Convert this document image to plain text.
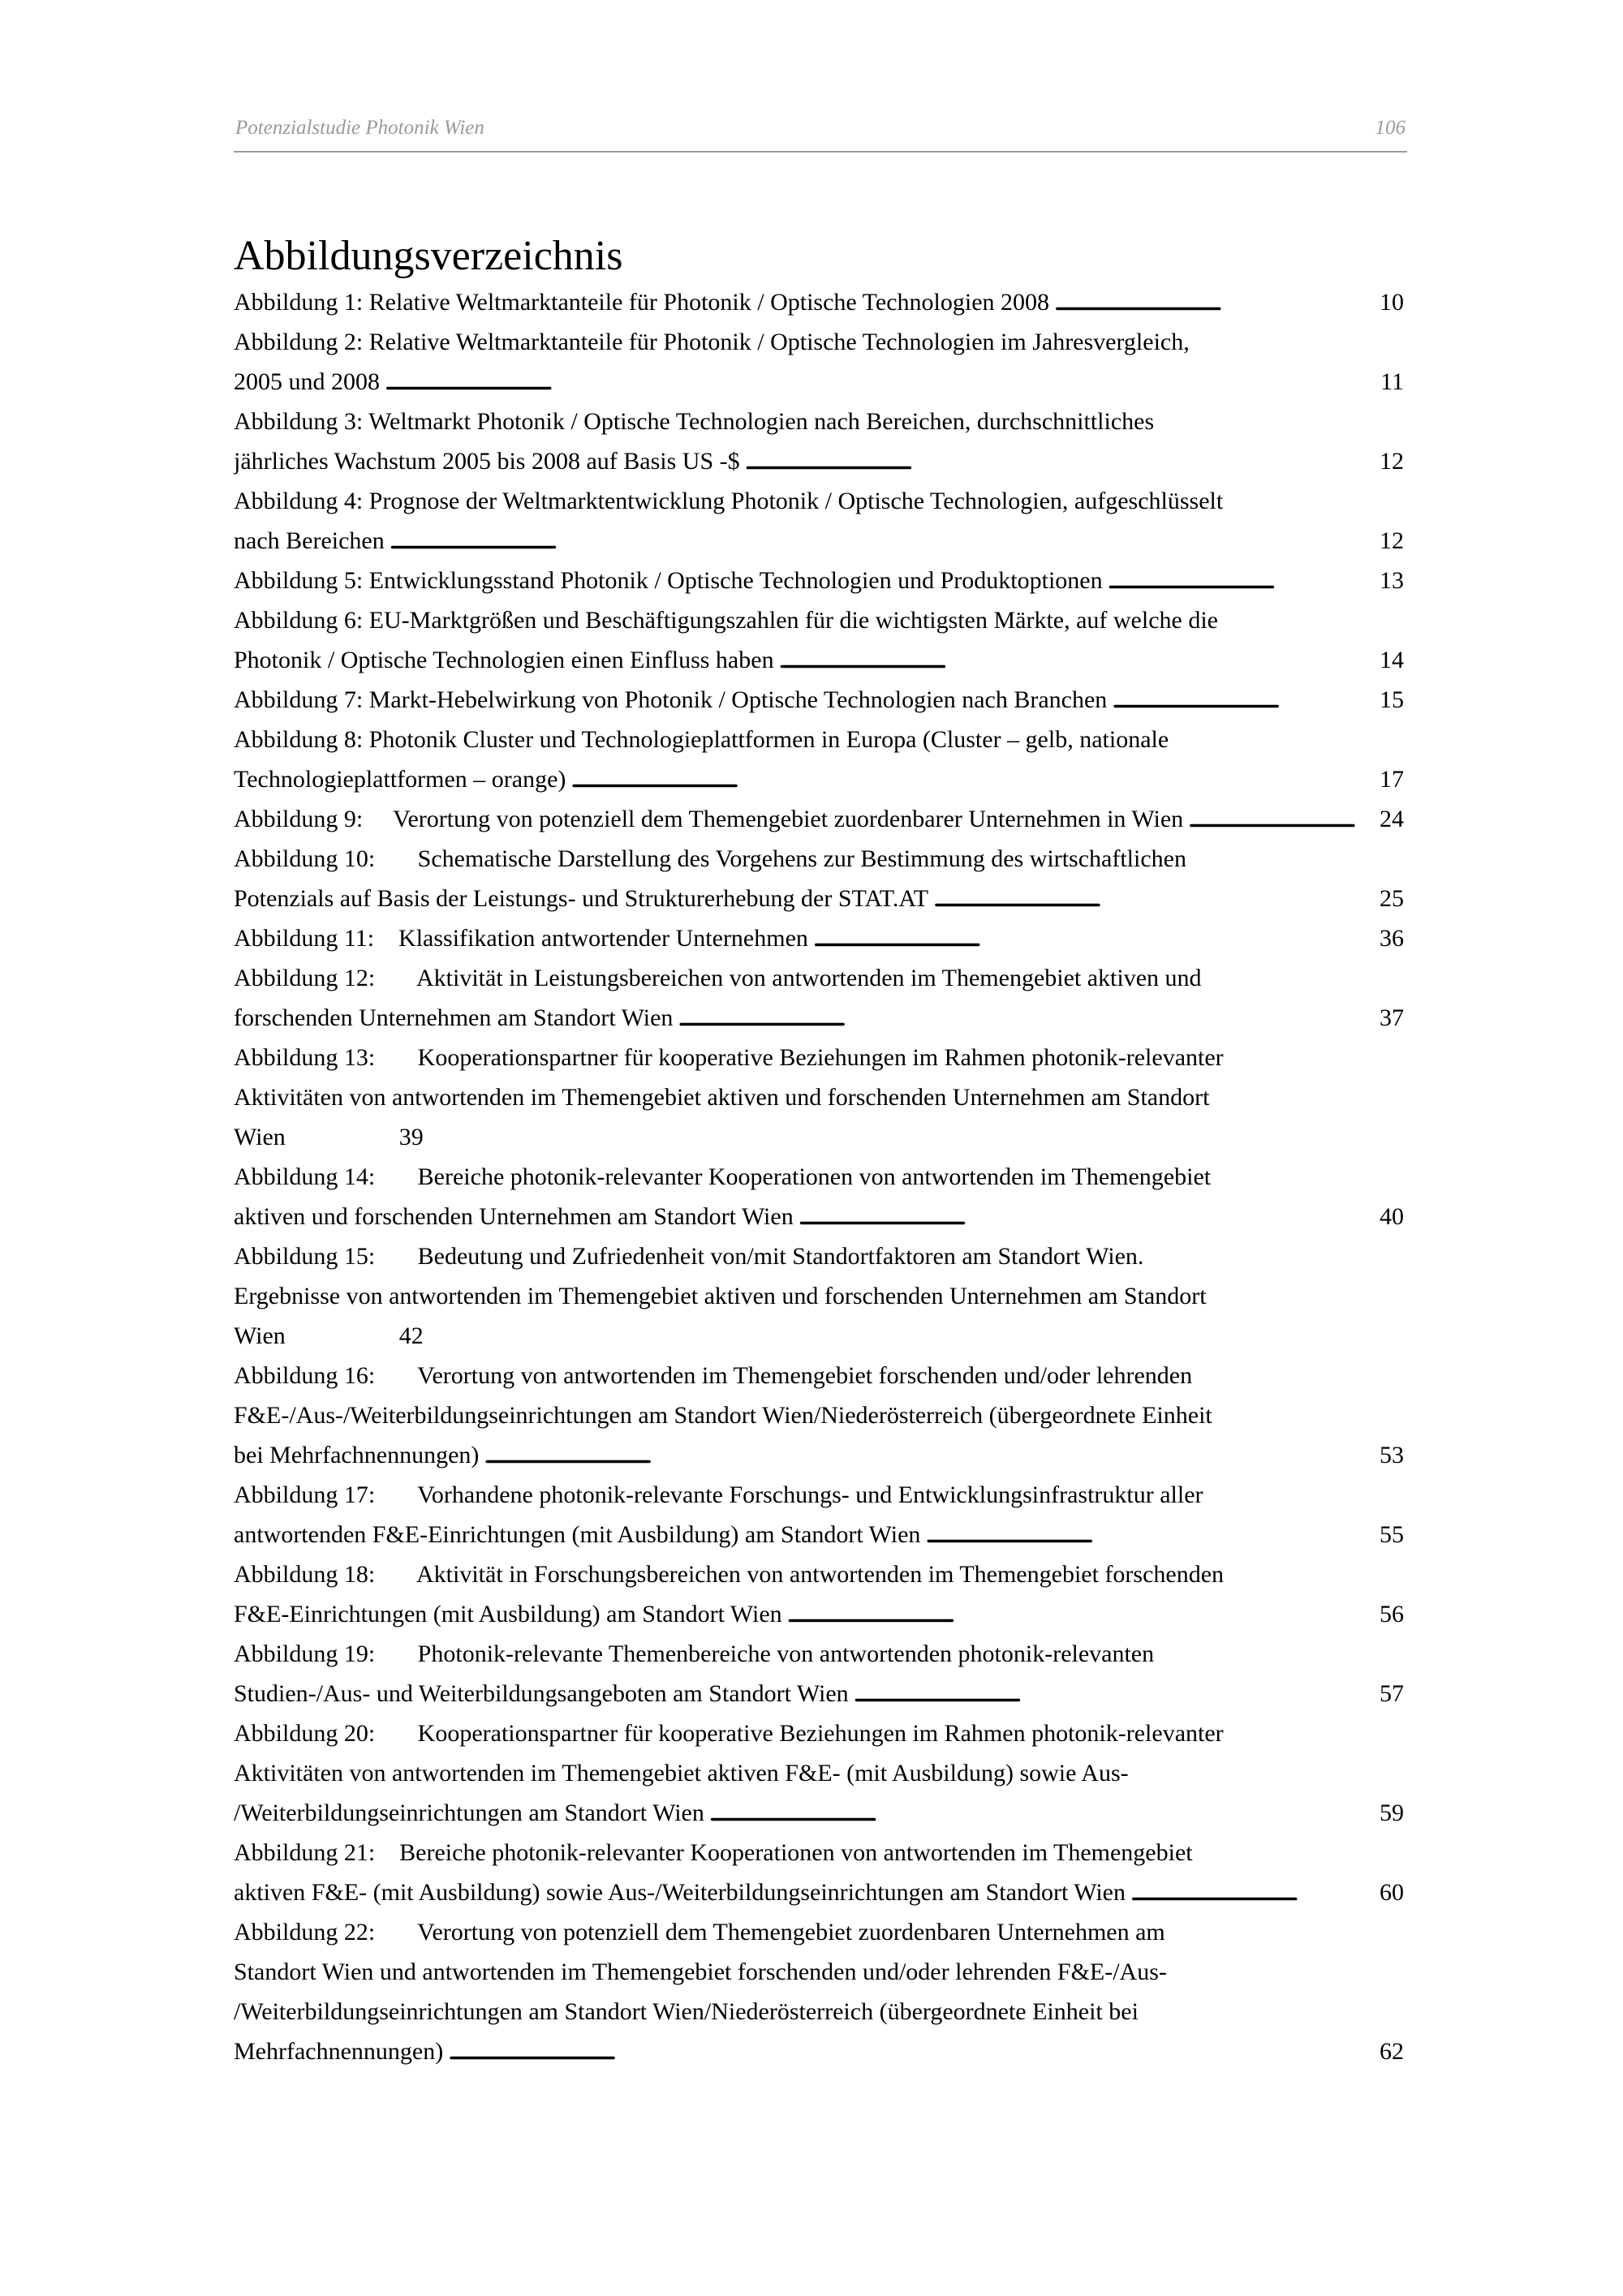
Potenzialstudie Photonik Wien	106
Abbildungsverzeichnis
Abbildung 1: Relative Weltmarktanteile für Photonik / Optische Technologien 2008 . . .	10
Abbildung 2: Relative Weltmarktanteile für Photonik / Optische Technologien im Jahresvergleich,
2005 und 2008 . . .	11
Abbildung 3: Weltmarkt Photonik / Optische Technologien nach Bereichen, durchschnittliches
jährliches Wachstum 2005 bis 2008 auf Basis US -$ . . .	12
Abbildung 4: Prognose der Weltmarktentwicklung Photonik / Optische Technologien, aufgeschlüsselt
nach Bereichen . . .	12
Abbildung 5: Entwicklungsstand Photonik / Optische Technologien und Produktoptionen . . .	13
Abbildung 6: EU-Marktgrößen und Beschäftigungszahlen für die wichtigsten Märkte, auf welche die
Photonik / Optische Technologien einen Einfluss haben . . .	14
Abbildung 7: Markt-Hebelwirkung von Photonik / Optische Technologien nach Branchen . . .	15
Abbildung 8: Photonik Cluster und Technologieplattformen in Europa (Cluster – gelb, nationale
Technologieplattformen – orange) . . .	17
Abbildung 9:     Verortung von potenziell dem Themengebiet zuordenbarer Unternehmen in Wien . . .	24
Abbildung 10:       Schematische Darstellung des Vorgehens zur Bestimmung des wirtschaftlichen
Potenzials auf Basis der Leistungs- und Strukturerhebung der STAT.AT . . .	25
Abbildung 11:    Klassifikation antwortender Unternehmen . . .	36
Abbildung 12:       Aktivität in Leistungsbereichen von antwortenden im Themengebiet aktiven und
forschenden Unternehmen am Standort Wien . . .	37
Abbildung 13:       Kooperationspartner für kooperative Beziehungen im Rahmen photonik-relevanter
Aktivitäten von antwortenden im Themengebiet aktiven und forschenden Unternehmen am Standort
Wien	39
Abbildung 14:       Bereiche photonik-relevanter Kooperationen von antwortenden im Themengebiet
aktiven und forschenden Unternehmen am Standort Wien . . .	40
Abbildung 15:       Bedeutung und Zufriedenheit von/mit Standortfaktoren am Standort Wien.
Ergebnisse von antwortenden im Themengebiet aktiven und forschenden Unternehmen am Standort
Wien	42
Abbildung 16:       Verortung von antwortenden im Themengebiet forschenden und/oder lehrenden
F&E-/Aus-/Weiterbildungseinrichtungen am Standort Wien/Niederösterreich (übergeordnete Einheit
bei Mehrfachnennungen) . . .	53
Abbildung 17:       Vorhandene photonik-relevante Forschungs- und Entwicklungsinfrastruktur aller
antwortenden F&E-Einrichtungen (mit Ausbildung) am Standort Wien . . .	55
Abbildung 18:       Aktivität in Forschungsbereichen von antwortenden im Themengebiet forschenden
F&E-Einrichtungen (mit Ausbildung) am Standort Wien . . .	56
Abbildung 19:       Photonik-relevante Themenbereiche von antwortenden photonik-relevanten
Studien-/Aus- und Weiterbildungsangeboten am Standort Wien . . .	57
Abbildung 20:       Kooperationspartner für kooperative Beziehungen im Rahmen photonik-relevanter
Aktivitäten von antwortenden im Themengebiet aktiven F&E- (mit Ausbildung) sowie Aus-
/Weiterbildungseinrichtungen am Standort Wien . . .	59
Abbildung 21:    Bereiche photonik-relevanter Kooperationen von antwortenden im Themengebiet
aktiven F&E- (mit Ausbildung) sowie Aus-/Weiterbildungseinrichtungen am Standort Wien . . .	60
Abbildung 22:       Verortung von potenziell dem Themengebiet zuordenbaren Unternehmen am
Standort Wien und antwortenden im Themengebiet forschenden und/oder lehrenden F&E-/Aus-
/Weiterbildungseinrichtungen am Standort Wien/Niederösterreich (übergeordnete Einheit bei
Mehrfachnennungen) . . .	62
